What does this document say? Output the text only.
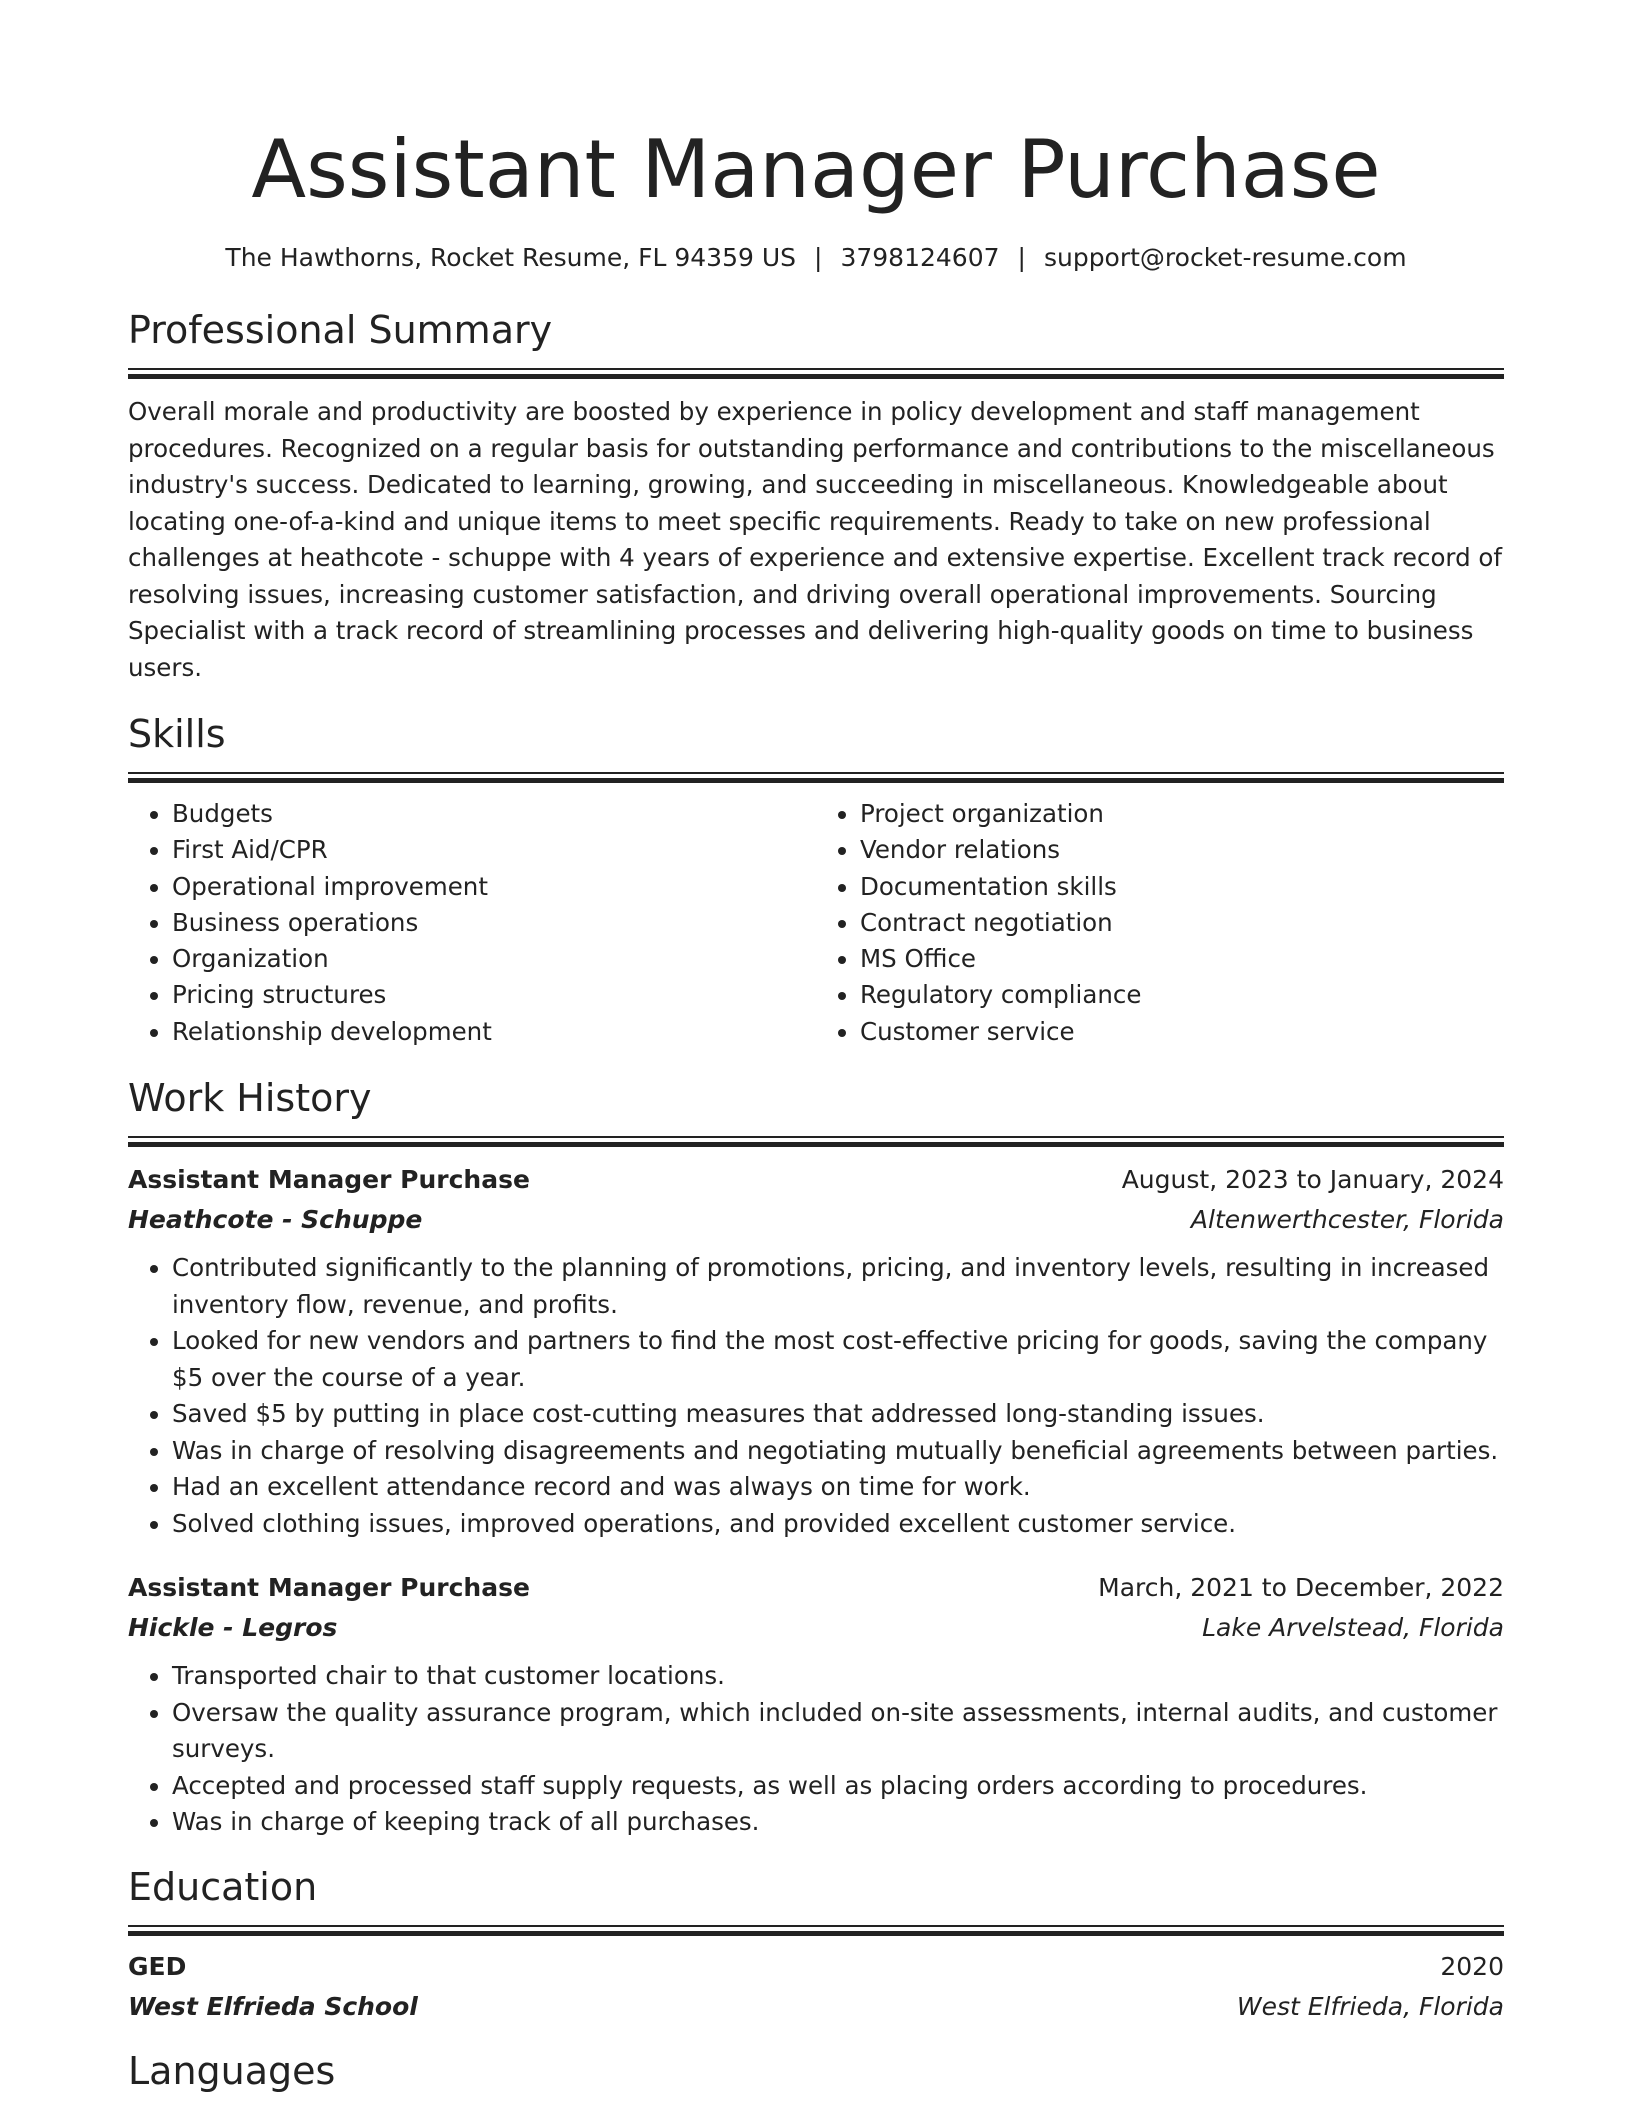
Assistant Manager Purchase
The Hawthorns, Rocket Resume, FL 94359 US | 3798124607 | support@rocket-resume.com
Professional Summary
Overall morale and productivity are boosted by experience in policy development and staff management procedures. Recognized on a regular basis for outstanding performance and contributions to the miscellaneous industry's success. Dedicated to learning, growing, and succeeding in miscellaneous. Knowledgeable about locating one-of-a-kind and unique items to meet specific requirements. Ready to take on new professional challenges at heathcote - schuppe with 4 years of experience and extensive expertise. Excellent track record of resolving issues, increasing customer satisfaction, and driving overall operational improvements. Sourcing Specialist with a track record of streamlining processes and delivering high-quality goods on time to business users.
Skills
• Budgets
• First Aid/CPR
• Operational improvement
• Business operations
• Organization
• Pricing structures
• Relationship development
• Project organization
• Vendor relations
• Documentation skills
• Contract negotiation
• MS Office
• Regulatory compliance
• Customer service
Work History
Assistant Manager Purchase	August, 2023 to January, 2024
Heathcote - Schuppe	Altenwerthcester, Florida
• Contributed significantly to the planning of promotions, pricing, and inventory levels, resulting in increased inventory flow, revenue, and profits.
• Looked for new vendors and partners to find the most cost-effective pricing for goods, saving the company $5 over the course of a year.
• Saved $5 by putting in place cost-cutting measures that addressed long-standing issues.
• Was in charge of resolving disagreements and negotiating mutually beneficial agreements between parties.
• Had an excellent attendance record and was always on time for work.
• Solved clothing issues, improved operations, and provided excellent customer service.
Assistant Manager Purchase	March, 2021 to December, 2022
Hickle - Legros	Lake Arvelstead, Florida
• Transported chair to that customer locations.
• Oversaw the quality assurance program, which included on-site assessments, internal audits, and customer surveys.
• Accepted and processed staff supply requests, as well as placing orders according to procedures.
• Was in charge of keeping track of all purchases.
Education
GED	2020
West Elfrieda School	West Elfrieda, Florida
Languages
